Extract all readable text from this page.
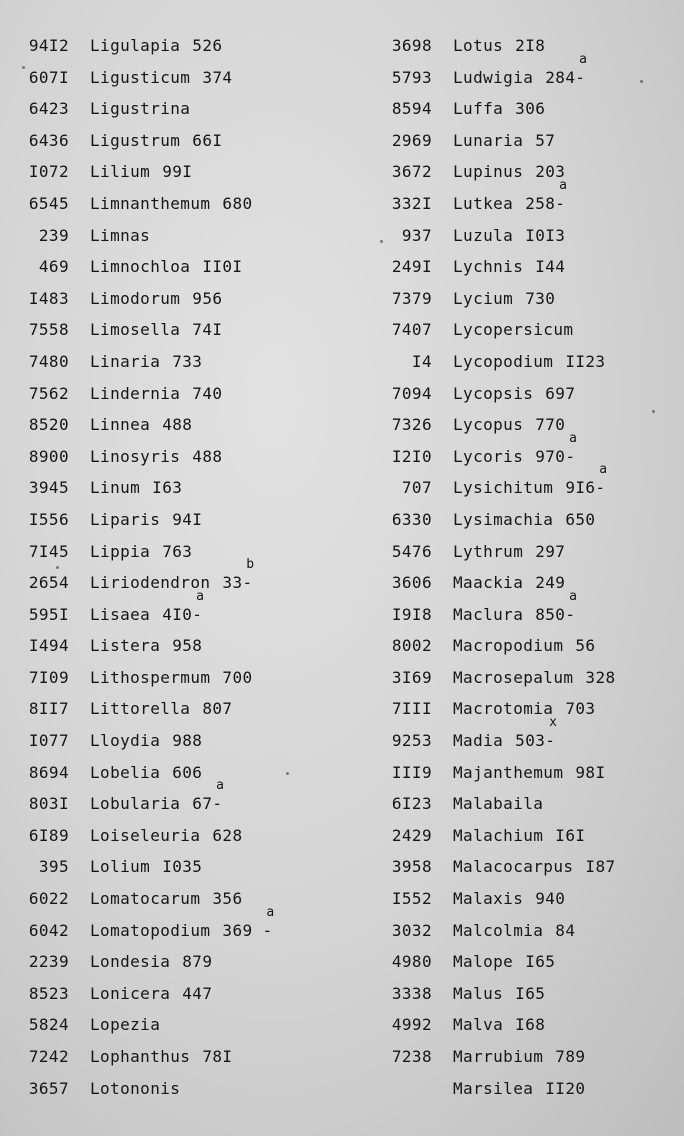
94I2 Ligulapia 526
607I Ligusticum 374
6423 Ligustrina
6436 Ligustrum 66I
I072 Lilium 99I
6545 Limnanthemum 680
239 Limnas
469 Limnochloa II0I
I483 Limodorum 956
7558 Limosella 74I
7480 Linaria 733
7562 Lindernia 740
8520 Linnea 488
8900 Linosyris 488
3945 Linum I63
I556 Liparis 94I
7I45 Lippia 763
2654 Liriodendron 33-
b
595I Lisaea 4I0-
a
I494 Listera 958
7I09 Lithospermum 700
8II7 Littorella 807
I077 Lloydia 988
8694 Lobelia 606
803I Lobularia 67-
a
6I89 Loiseleuria 628
395 Lolium I035
6022 Lomatocarum 356
6042 Lomatopodium 369 -
a
2239 Londesia 879
8523 Lonicera 447
5824 Lopezia
7242 Lophanthus 78I
3657 Lotononis
3698 Lotus 2I8
5793 Ludwigia 284-
a
8594 Luffa 306
2969 Lunaria 57
3672 Lupinus 203
332I Lutkea 258-
a
937 Luzula I0I3
249I Lychnis I44
7379 Lycium 730
7407 Lycopersicum
I4 Lycopodium II23
7094 Lycopsis 697
7326 Lycopus 770
I2I0 Lycoris 970-
a
707 Lysichitum 9I6-
a
6330 Lysimachia 650
5476 Lythrum 297
3606 Maackia 249
I9I8 Maclura 850-
a
8002 Macropodium 56
3I69 Macrosepalum 328
7III Macrotomia 703
9253 Madia 503-
x
III9 Majanthemum 98I
6I23 Malabaila
2429 Malachium I6I
3958 Malacocarpus I87
I552 Malaxis 940
3032 Malcolmia 84
4980 Malope I65
3338 Malus I65
4992 Malva I68
7238 Marrubium 789
Marsilea II20
